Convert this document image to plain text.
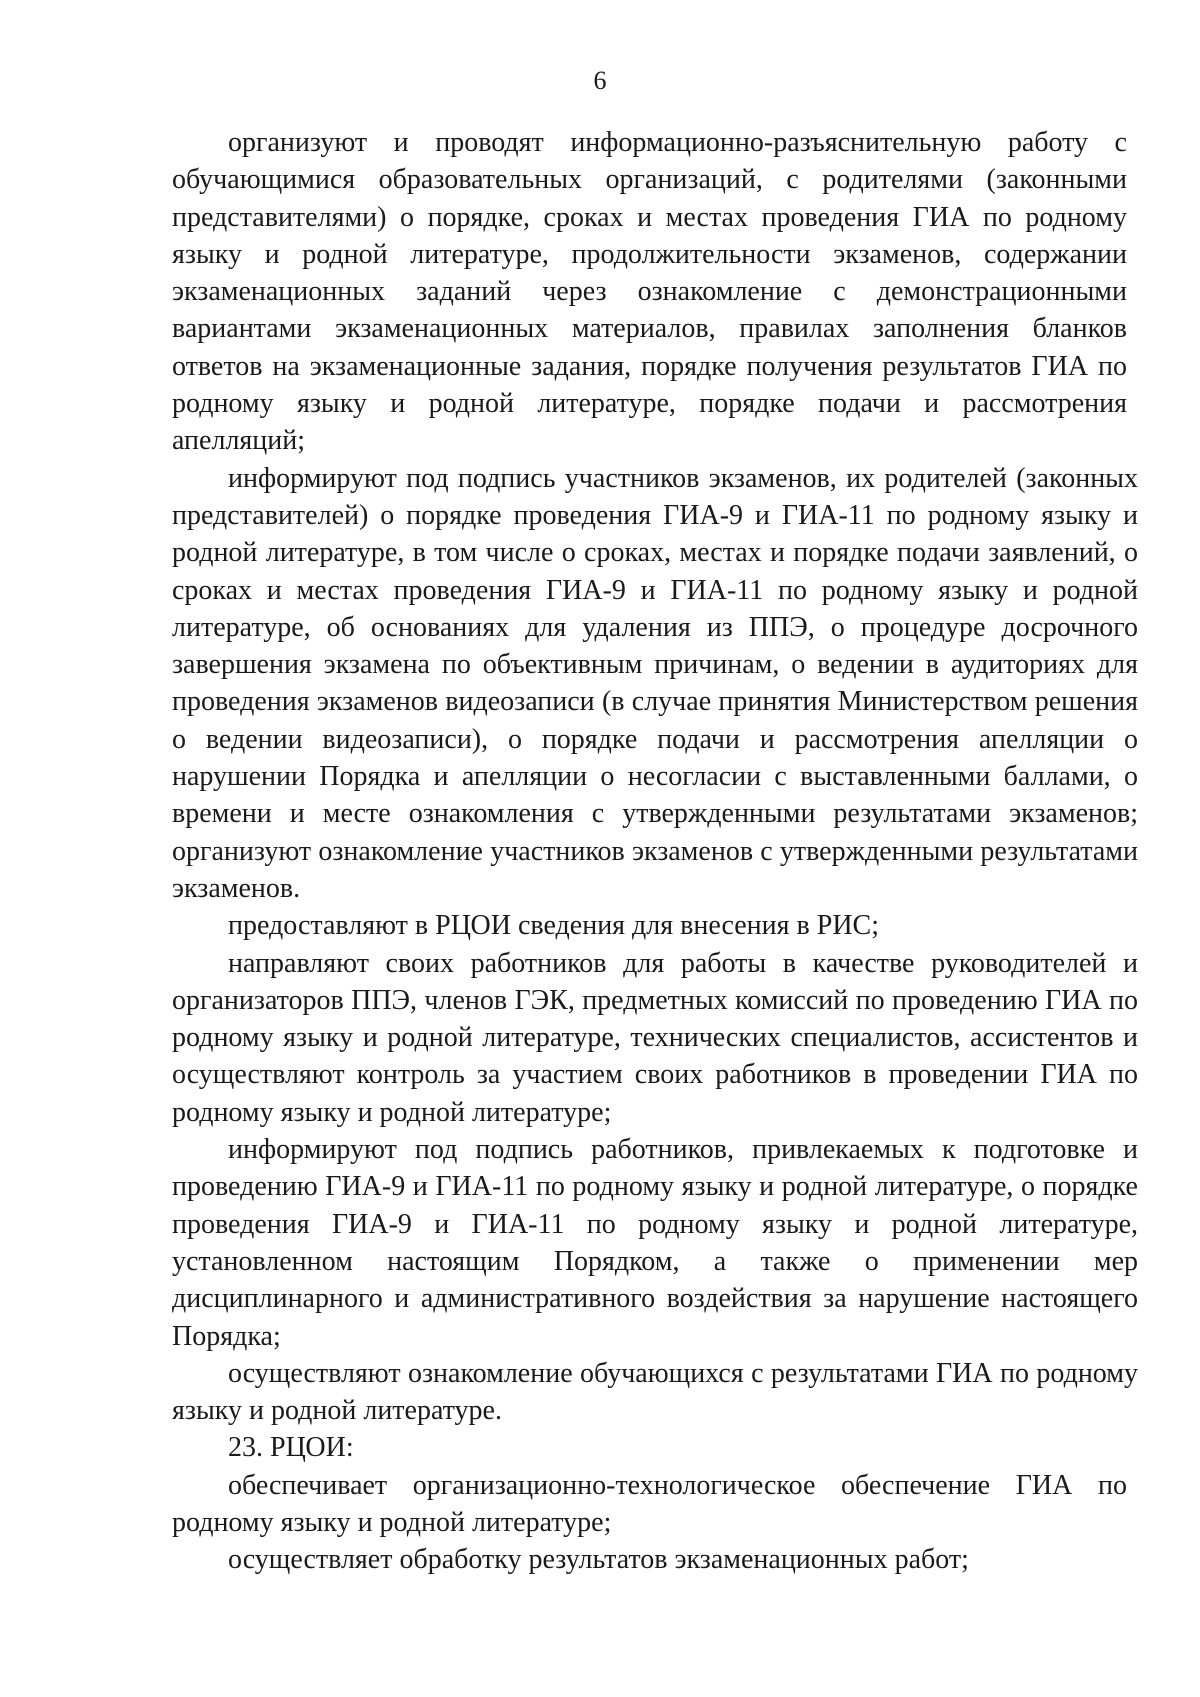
6

организуют и проводят информационно-разъяснительную работу с обучающимися образовательных организаций, с родителями (законными представителями) о порядке, сроках и местах проведения ГИА по родному языку и родной литературе, продолжительности экзаменов, содержании экзаменационных заданий через ознакомление с демонстрационными вариантами экзаменационных материалов, правилах заполнения бланков ответов на экзаменационные задания, порядке получения результатов ГИА по родному языку и родной литературе, порядке подачи и рассмотрения апелляций;

информируют под подпись участников экзаменов, их родителей (законных представителей) о порядке проведения ГИА-9 и ГИА-11 по родному языку и родной литературе, в том числе о сроках, местах и порядке подачи заявлений, о сроках и местах проведения ГИА-9 и ГИА-11 по родному языку и родной литературе, об основаниях для удаления из ППЭ, о процедуре досрочного завершения экзамена по объективным причинам, о ведении в аудиториях для проведения экзаменов видеозаписи (в случае принятия Министерством решения о ведении видеозаписи), о порядке подачи и рассмотрения апелляции о нарушении Порядка и апелляции о несогласии с выставленными баллами, о времени и месте ознакомления с утвержденными результатами экзаменов; организуют ознакомление участников экзаменов с утвержденными результатами экзаменов.

предоставляют в РЦОИ сведения для внесения в РИС;

направляют своих работников для работы в качестве руководителей и организаторов ППЭ, членов ГЭК, предметных комиссий по проведению ГИА по родному языку и родной литературе, технических специалистов, ассистентов и осуществляют контроль за участием своих работников в проведении ГИА по родному языку и родной литературе;

информируют под подпись работников, привлекаемых к подготовке и проведению ГИА-9 и ГИА-11 по родному языку и родной литературе, о порядке проведения ГИА-9 и ГИА-11 по родному языку и родной литературе, установленном настоящим Порядком, а также о применении мер дисциплинарного и административного воздействия за нарушение настоящего Порядка;

осуществляют ознакомление обучающихся с результатами ГИА по родному языку и родной литературе.

23. РЦОИ:

обеспечивает организационно-технологическое обеспечение ГИА по родному языку и родной литературе;

осуществляет обработку результатов экзаменационных работ;
